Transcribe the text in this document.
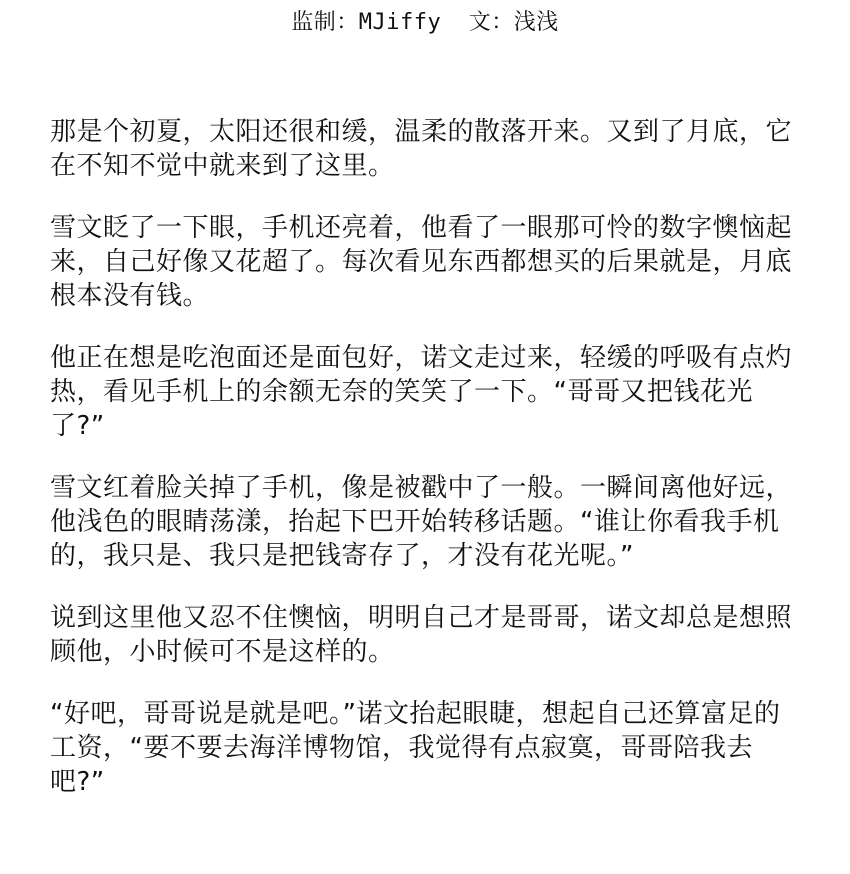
监制：MJiffy  文：浅浅

那是个初夏，太阳还很和缓，温柔的散落开来。又到了月底，它在不知不觉中就来到了这里。

雪文眨了一下眼，手机还亮着，他看了一眼那可怜的数字懊恼起来，自己好像又花超了。每次看见东西都想买的后果就是，月底根本没有钱。

他正在想是吃泡面还是面包好，诺文走过来，轻缓的呼吸有点灼热，看见手机上的余额无奈的笑笑了一下。“哥哥又把钱花光了?”

雪文红着脸关掉了手机，像是被戳中了一般。一瞬间离他好远，他浅色的眼睛荡漾，抬起下巴开始转移话题。“谁让你看我手机的，我只是、我只是把钱寄存了，才没有花光呢。”

说到这里他又忍不住懊恼，明明自己才是哥哥，诺文却总是想照顾他，小时候可不是这样的。

“好吧，哥哥说是就是吧。”诺文抬起眼睫，想起自己还算富足的工资，“要不要去海洋博物馆，我觉得有点寂寞，哥哥陪我去吧?”
